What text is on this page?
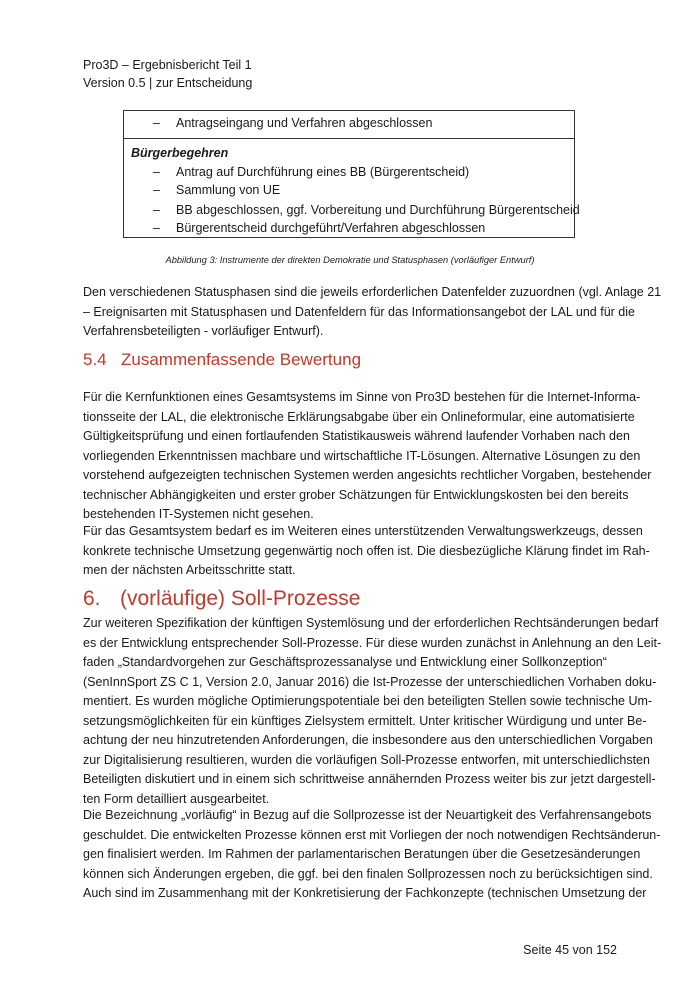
Pro3D – Ergebnisbericht Teil 1
Version 0.5 | zur Entscheidung
– Antragseingang und Verfahren abgeschlossen
Bürgerbegehren
– Antrag auf Durchführung eines BB (Bürgerentscheid)
– Sammlung von UE
– BB abgeschlossen, ggf. Vorbereitung und Durchführung Bürgerentscheid
– Bürgerentscheid durchgeführt/Verfahren abgeschlossen
Abbildung 3: Instrumente der direkten Demokratie und Statusphasen (vorläufiger Entwurf)
Den verschiedenen Statusphasen sind die jeweils erforderlichen Datenfelder zuzuordnen (vgl. Anlage 21
– Ereignisarten mit Statusphasen und Datenfeldern für das Informationsangebot der LAL und für die
Verfahrensbeteiligten - vorläufiger Entwurf).
5.4 Zusammenfassende Bewertung
Für die Kernfunktionen eines Gesamtsystems im Sinne von Pro3D bestehen für die Internet-Informa-
tionsseite der LAL, die elektronische Erklärungsabgabe über ein Onlineformular, eine automatisierte
Gültigkeitsprüfung und einen fortlaufenden Statistikausweis während laufender Vorhaben nach den
vorliegenden Erkenntnissen machbare und wirtschaftliche IT-Lösungen. Alternative Lösungen zu den
vorstehend aufgezeigten technischen Systemen werden angesichts rechtlicher Vorgaben, bestehender
technischer Abhängigkeiten und erster grober Schätzungen für Entwicklungskosten bei den bereits
bestehenden IT-Systemen nicht gesehen.
Für das Gesamtsystem bedarf es im Weiteren eines unterstützenden Verwaltungswerkzeugs, dessen
konkrete technische Umsetzung gegenwärtig noch offen ist. Die diesbezügliche Klärung findet im Rah-
men der nächsten Arbeitsschritte statt.
6. (vorläufige) Soll-Prozesse
Zur weiteren Spezifikation der künftigen Systemlösung und der erforderlichen Rechtsänderungen bedarf
es der Entwicklung entsprechender Soll-Prozesse. Für diese wurden zunächst in Anlehnung an den Leit-
faden „Standardvorgehen zur Geschäftsprozessanalyse und Entwicklung einer Sollkonzeption“
(SenInnSport ZS C 1, Version 2.0, Januar 2016) die Ist-Prozesse der unterschiedlichen Vorhaben doku-
mentiert. Es wurden mögliche Optimierungspotentiale bei den beteiligten Stellen sowie technische Um-
setzungsmöglichkeiten für ein künftiges Zielsystem ermittelt. Unter kritischer Würdigung und unter Be-
achtung der neu hinzutretenden Anforderungen, die insbesondere aus den unterschiedlichen Vorgaben
zur Digitalisierung resultieren, wurden die vorläufigen Soll-Prozesse entworfen, mit unterschiedlichsten
Beteiligten diskutiert und in einem sich schrittweise annähernden Prozess weiter bis zur jetzt dargestell-
ten Form detailliert ausgearbeitet.
Die Bezeichnung „vorläufig“ in Bezug auf die Sollprozesse ist der Neuartigkeit des Verfahrensangebots
geschuldet. Die entwickelten Prozesse können erst mit Vorliegen der noch notwendigen Rechtsänderun-
gen finalisiert werden. Im Rahmen der parlamentarischen Beratungen über die Gesetzesänderungen
können sich Änderungen ergeben, die ggf. bei den finalen Sollprozessen noch zu berücksichtigen sind.
Auch sind im Zusammenhang mit der Konkretisierung der Fachkonzepte (technischen Umsetzung der
Seite 45 von 152
